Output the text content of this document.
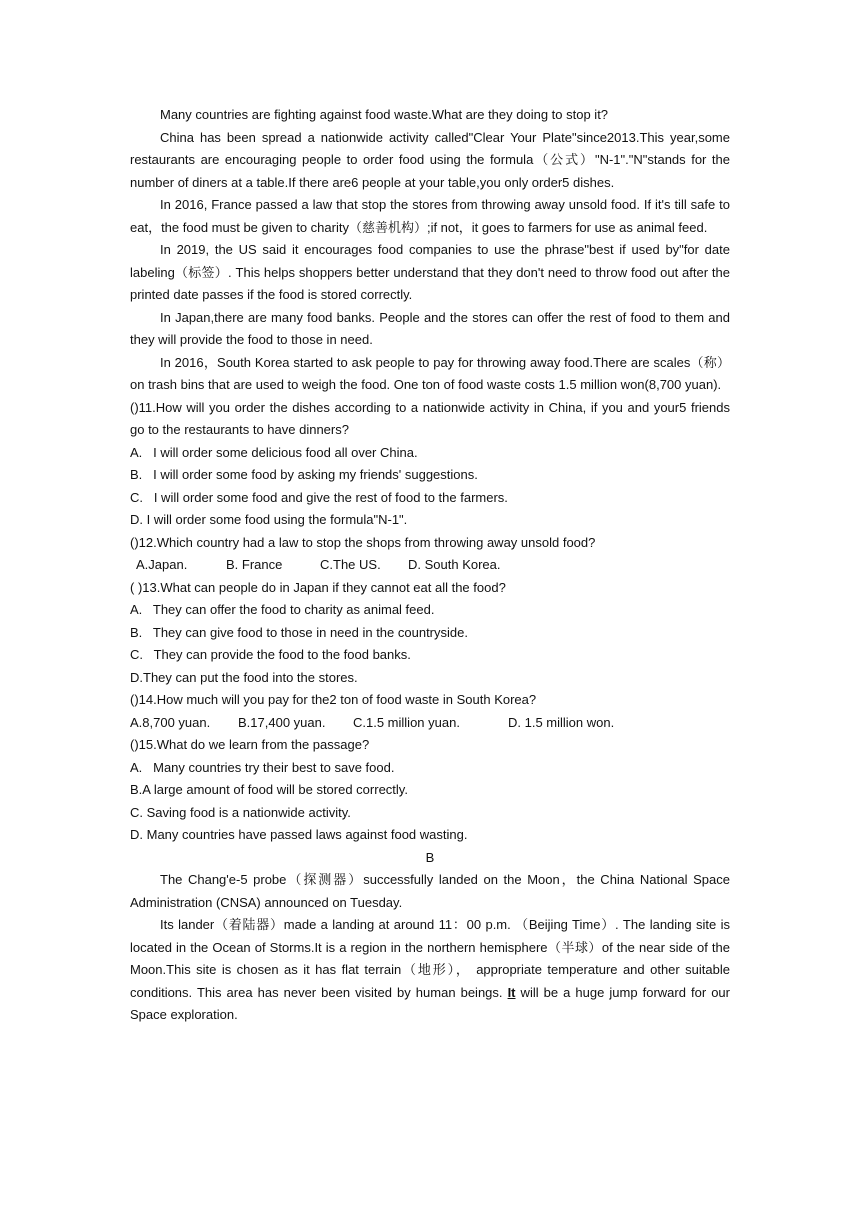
Many countries are fighting against food waste.What are they doing to stop it?

China has been spread a nationwide activity called"Clear Your Plate"since2013.This year,some restaurants are encouraging people to order food using the formula（公式）"N-1"."N"stands for the number of diners at a table.If there are6 people at your table,you only order5 dishes.

In 2016, France passed a law that stop the stores from throwing away unsold food. If it's till safe to eat，the food must be given to charity（慈善机构）;if not，it goes to farmers for use as animal feed.

In 2019, the US said it encourages food companies to use the phrase"best if used by"for date labeling（标签）. This helps shoppers better understand that they don't need to throw food out after the printed date passes if the food is stored correctly.

In Japan,there are many food banks. People and the stores can offer the rest of food to them and they will provide the food to those in need.

In 2016，South Korea started to ask people to pay for throwing away food.There are scales（称） on trash bins that are used to weigh the food. One ton of food waste costs 1.5 million won(8,700 yuan).

()11.How will you order the dishes according to a nationwide activity in China, if you and your5 friends go to the restaurants to have dinners?

A.   I will order some delicious food all over China.

B.   I will order some food by asking my friends' suggestions.

C.   I will order some food and give the rest of food to the farmers.

D. I will order some food using the formula"N-1".

()12.Which country had a law to stop the shops from throwing away unsold food?

A.Japan.	B. France	C.The US. D. South Korea.

( )13.What can people do in Japan if they cannot eat all the food?

A.   They can offer the food to charity as animal feed.

B.   They can give food to those in need in the countryside.

C.   They can provide the food to the food banks.

D.They can put the food into the stores.

()14.How much will you pay for the2 ton of food waste in South Korea?

A.8,700 yuan. B.17,400 yuan. C.1.5 million yuan.	D. 1.5 million won.

()15.What do we learn from the passage?

A.   Many countries try their best to save food.

B.A large amount of food will be stored correctly.

C. Saving food is a nationwide activity.

D. Many countries have passed laws against food wasting.

B

The Chang'e-5 probe（探测器）successfully landed on the Moon，the China National Space Administration (CNSA) announced on Tuesday.

Its lander（着陆器）made a landing at around 11：00 p.m. （Beijing Time）. The landing site is located in the Ocean of Storms.It is a region in the northern hemisphere（半球）of the near side of the Moon.This site is chosen as it has flat terrain（地形）， appropriate temperature and other suitable conditions. This area has never been visited by human beings. It will be a huge jump forward for our Space exploration.
